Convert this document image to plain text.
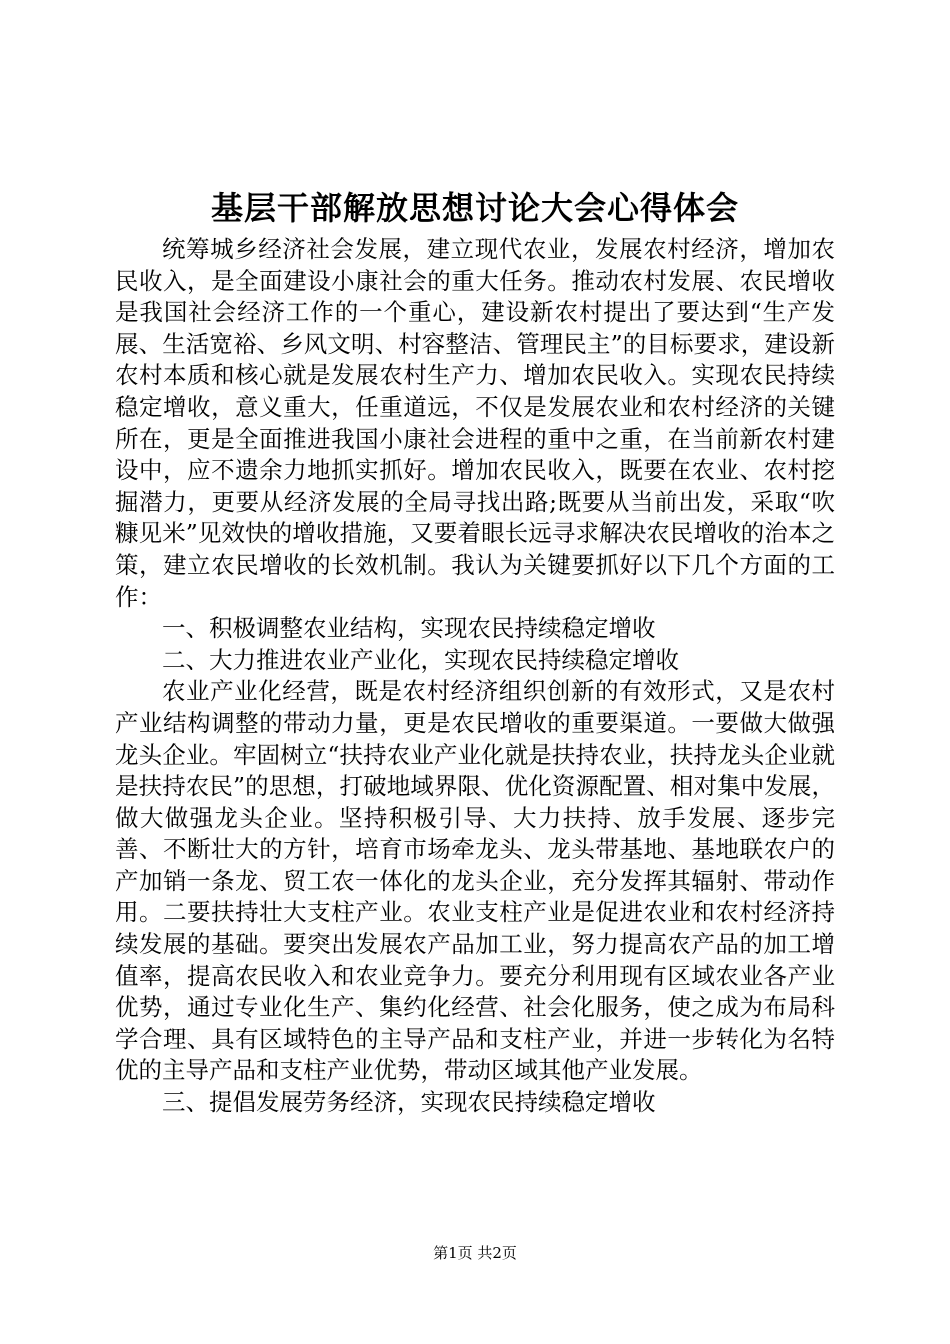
基层干部解放思想讨论大会心得体会

统筹城乡经济社会发展，建立现代农业，发展农村经济，增加农民收入，是全面建设小康社会的重大任务。推动农村发展、农民增收是我国社会经济工作的一个重心，建设新农村提出了要达到“生产发展、生活宽裕、乡风文明、村容整洁、管理民主”的目标要求，建设新农村本质和核心就是发展农村生产力、增加农民收入。实现农民持续稳定增收，意义重大，任重道远，不仅是发展农业和农村经济的关键所在，更是全面推进我国小康社会进程的重中之重，在当前新农村建设中，应不遗余力地抓实抓好。增加农民收入，既要在农业、农村挖掘潜力，更要从经济发展的全局寻找出路;既要从当前出发，采取“吹糠见米”见效快的增收措施，又要着眼长远寻求解决农民增收的治本之策，建立农民增收的长效机制。我认为关键要抓好以下几个方面的工作：

一、积极调整农业结构，实现农民持续稳定增收

二、大力推进农业产业化，实现农民持续稳定增收

农业产业化经营，既是农村经济组织创新的有效形式，又是农村产业结构调整的带动力量，更是农民增收的重要渠道。一要做大做强龙头企业。牢固树立“扶持农业产业化就是扶持农业，扶持龙头企业就是扶持农民”的思想，打破地域界限、优化资源配置、相对集中发展，做大做强龙头企业。坚持积极引导、大力扶持、放手发展、逐步完善、不断壮大的方针，培育市场牵龙头、龙头带基地、基地联农户的产加销一条龙、贸工农一体化的龙头企业，充分发挥其辐射、带动作用。二要扶持壮大支柱产业。农业支柱产业是促进农业和农村经济持续发展的基础。要突出发展农产品加工业，努力提高农产品的加工增值率，提高农民收入和农业竞争力。要充分利用现有区域农业各产业优势，通过专业化生产、集约化经营、社会化服务，使之成为布局科学合理、具有区域特色的主导产品和支柱产业，并进一步转化为名特优的主导产品和支柱产业优势，带动区域其他产业发展。

三、提倡发展劳务经济，实现农民持续稳定增收

第1页 共2页
